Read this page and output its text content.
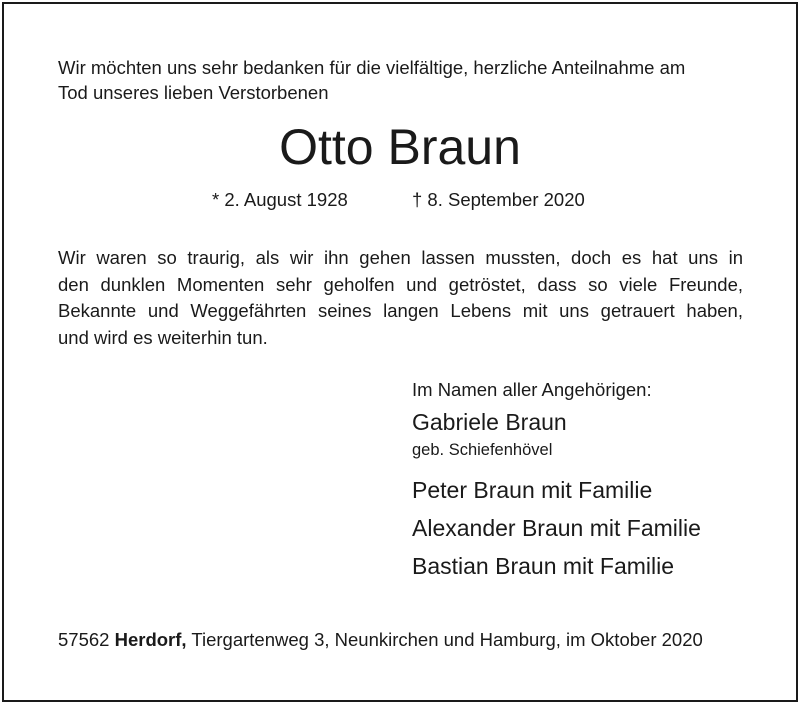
Wir möchten uns sehr bedanken für die vielfältige, herzliche Anteilnahme am
Tod unseres lieben Verstorbenen

Otto Braun
* 2. August 1928	† 8. September 2020

Wir waren so traurig, als wir ihn gehen lassen mussten, doch es hat uns in
den dunklen Momenten sehr geholfen und getröstet, dass so viele Freunde,
Bekannte und Weggefährten seines langen Lebens mit uns getrauert haben,
und wird es weiterhin tun.

Im Namen aller Angehörigen:
Gabriele Braun
geb. Schiefenhövel
Peter Braun mit Familie
Alexander Braun mit Familie
Bastian Braun mit Familie

57562 Herdorf, Tiergartenweg 3, Neunkirchen und Hamburg, im Oktober 2020
